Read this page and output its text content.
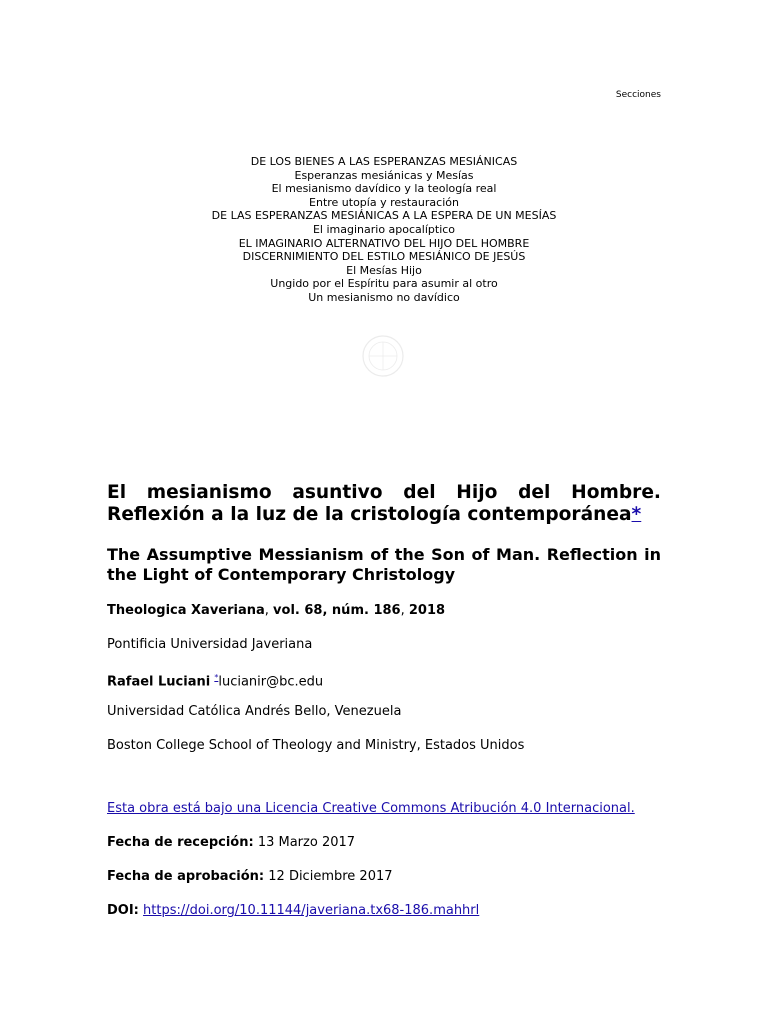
Secciones
DE LOS BIENES A LAS ESPERANZAS MESIÁNICAS
Esperanzas mesiánicas y Mesías
El mesianismo davídico y la teología real
Entre utopía y restauración
DE LAS ESPERANZAS MESIÁNICAS A LA ESPERA DE UN MESÍAS
El imaginario apocalíptico
EL IMAGINARIO ALTERNATIVO DEL HIJO DEL HOMBRE
DISCERNIMIENTO DEL ESTILO MESIÁNICO DE JESÚS
El Mesías Hijo
Ungido por el Espíritu para asumir al otro
Un mesianismo no davídico
El mesianismo asuntivo del Hijo del Hombre. Reflexión a la luz de la cristología contemporánea*
The Assumptive Messianism of the Son of Man. Reflection in the Light of Contemporary Christology
Theologica Xaveriana, vol. 68, núm. 186, 2018
Pontificia Universidad Javeriana
Rafael Luciani *lucianir@bc.edu
Universidad Católica Andrés Bello, Venezuela
Boston College School of Theology and Ministry, Estados Unidos
Esta obra está bajo una Licencia Creative Commons Atribución 4.0 Internacional.
Fecha de recepción: 13 Marzo 2017
Fecha de aprobación: 12 Diciembre 2017
DOI: https://doi.org/10.11144/javeriana.tx68-186.mahhrl
